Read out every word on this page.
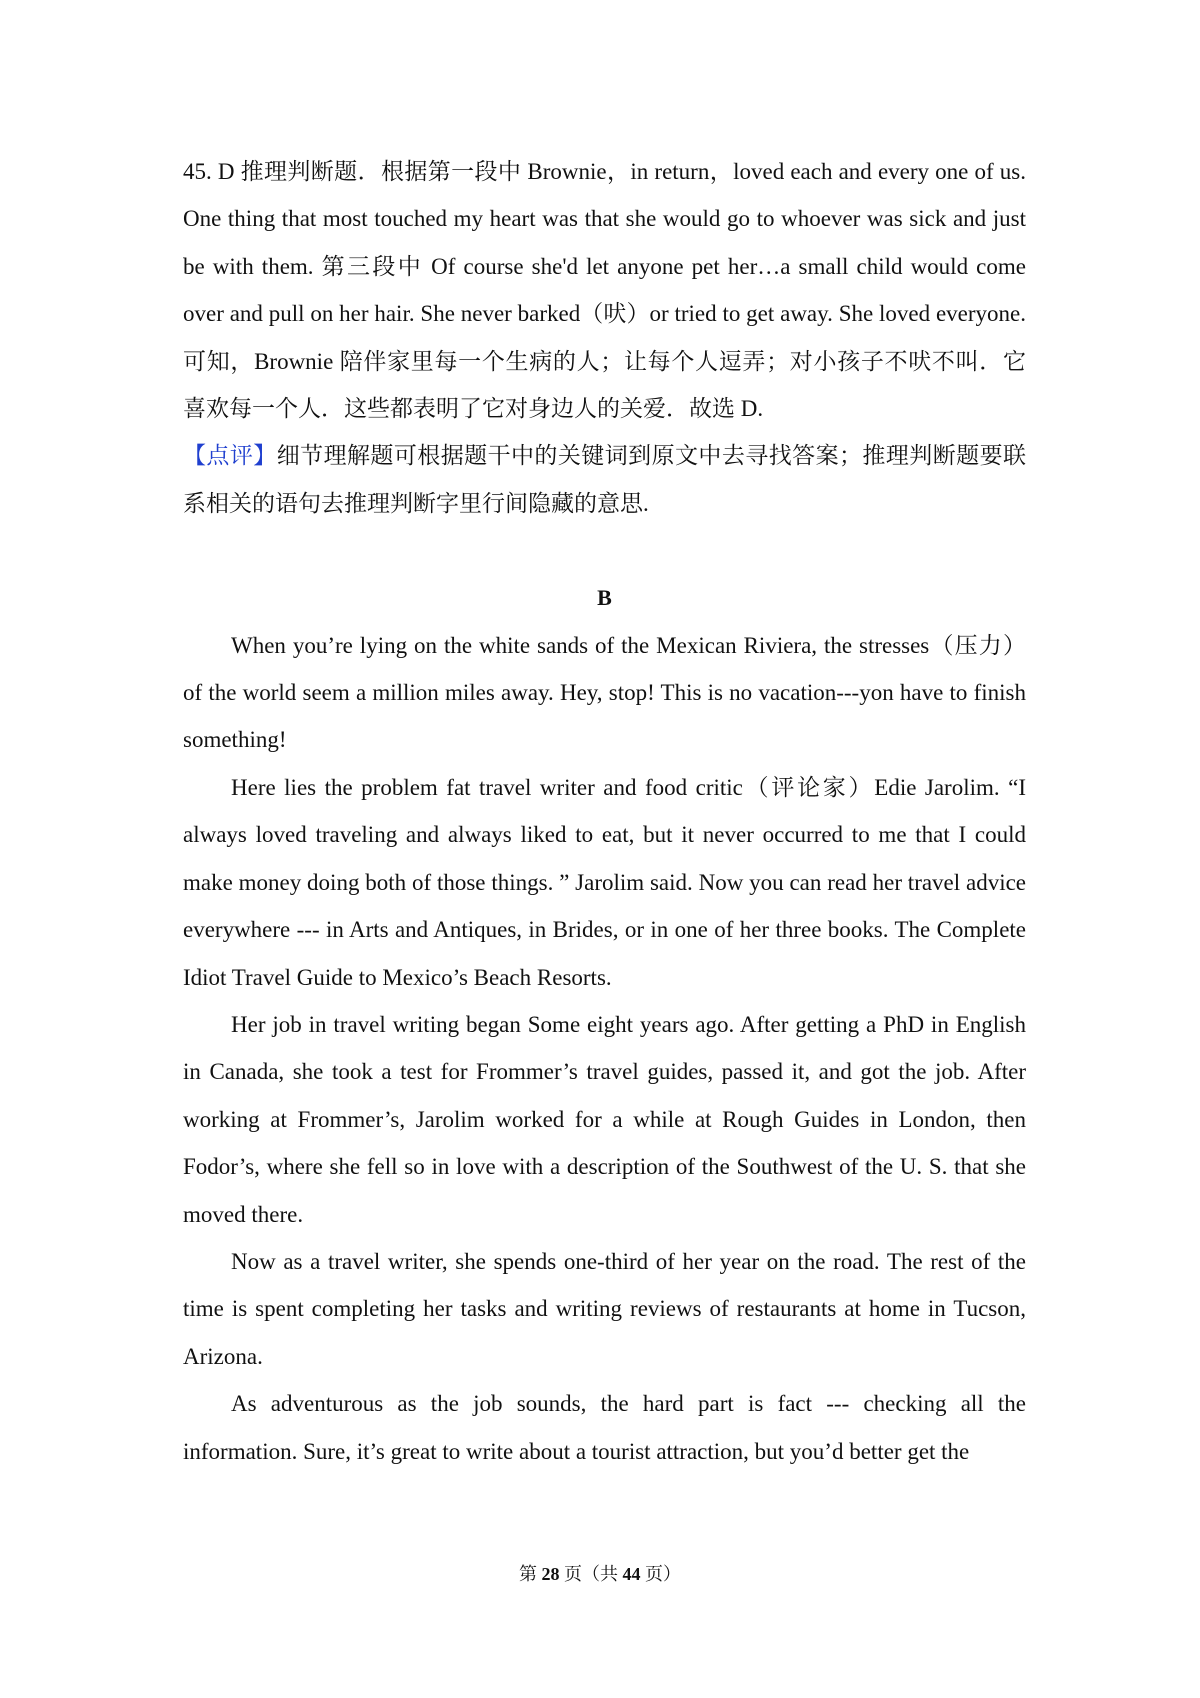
45. D 推理判断题．根据第一段中 Brownie，in return，loved each and every one of us. One thing that most touched my heart was that she would go to whoever was sick and just be with them. 第三段中 Of course she'd let anyone pet her…a small child would come over and pull on her hair. She never barked（吠）or tried to get away. She loved everyone. 可知，Brownie 陪伴家里每一个生病的人；让每个人逗弄；对小孩子不吠不叫．它喜欢每一个人．这些都表明了它对身边人的关爱．故选 D.

【点评】细节理解题可根据题干中的关键词到原文中去寻找答案；推理判断题要联系相关的语句去推理判断字里行间隐藏的意思.

B

When you’re lying on the white sands of the Mexican Riviera, the stresses（压力）of the world seem a million miles away. Hey, stop! This is no vacation---yon have to finish something!

Here lies the problem fat travel writer and food critic（评论家）Edie Jarolim. “I always loved traveling and always liked to eat, but it never occurred to me that I could make money doing both of those things. ” Jarolim said. Now you can read her travel advice everywhere --- in Arts and Antiques, in Brides, or in one of her three books. The Complete Idiot Travel Guide to Mexico’s Beach Resorts.

Her job in travel writing began Some eight years ago. After getting a PhD in English in Canada, she took a test for Frommer’s travel guides, passed it, and got the job. After working at Frommer’s, Jarolim worked for a while at Rough Guides in London, then Fodor’s, where she fell so in love with a description of the Southwest of the U. S. that she moved there.

Now as a travel writer, she spends one-third of her year on the road. The rest of the time is spent completing her tasks and writing reviews of restaurants at home in Tucson, Arizona.

As adventurous as the job sounds, the hard part is fact --- checking all the information. Sure, it’s great to write about a tourist attraction, but you’d better get the

第 28 页（共 44 页）
